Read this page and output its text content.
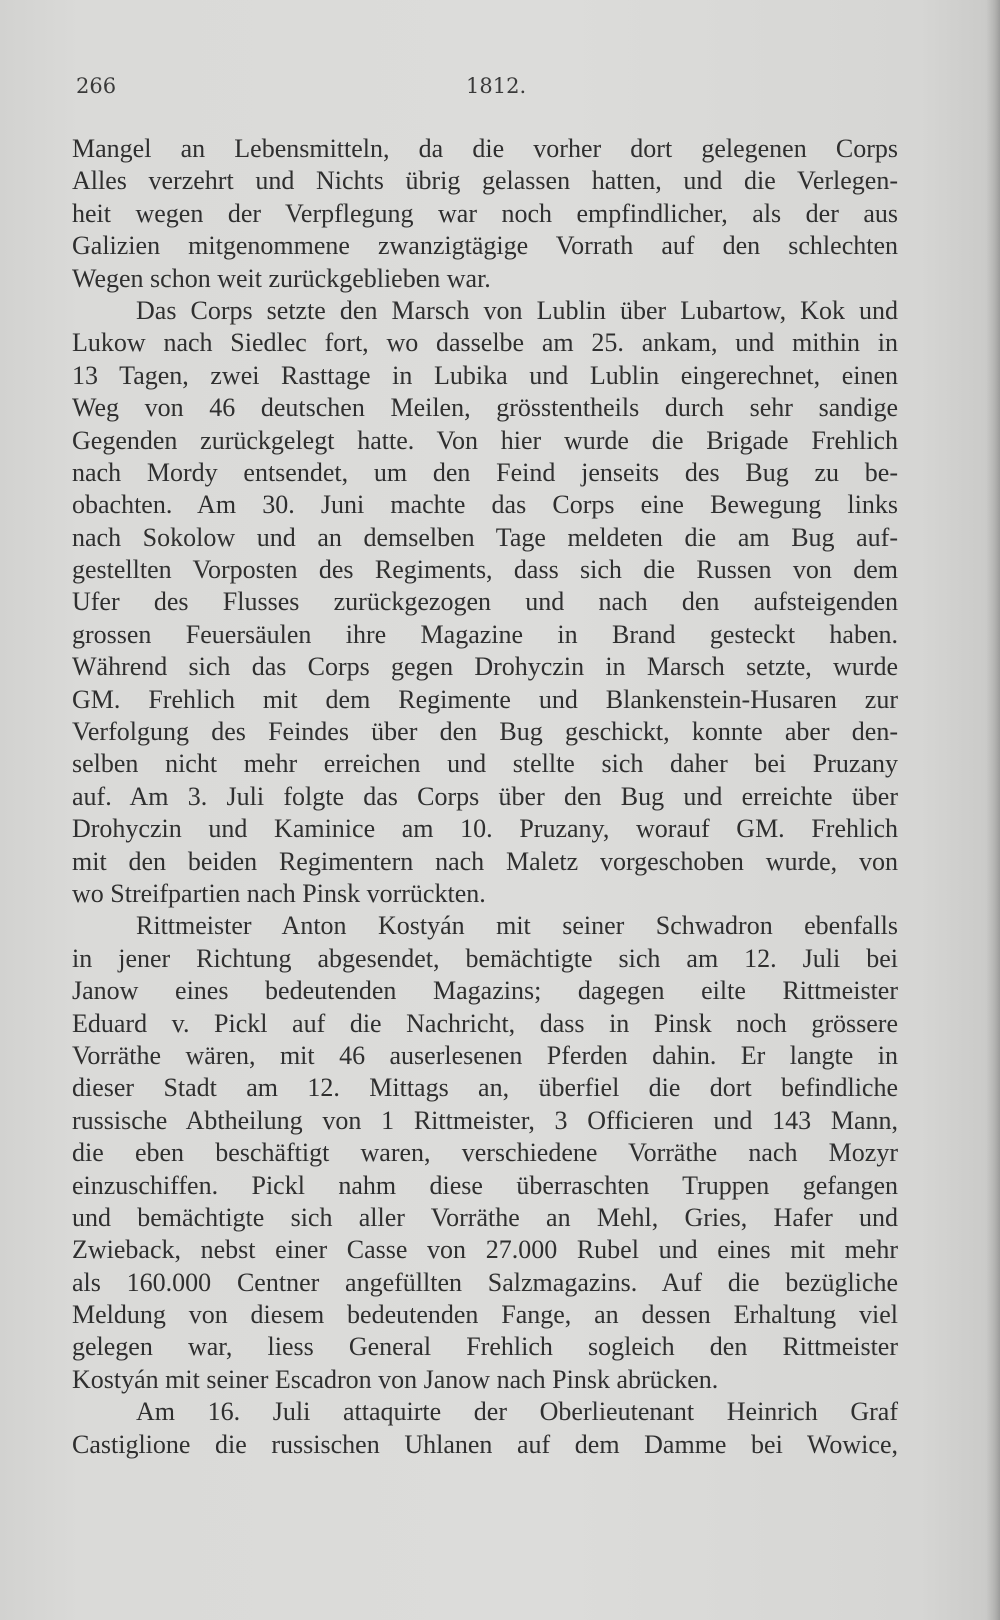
266	1812.
Mangel an Lebensmitteln, da die vorher dort gelegenen Corps
Alles verzehrt und Nichts übrig gelassen hatten, und die Verlegen-
heit wegen der Verpflegung war noch empfindlicher, als der aus
Galizien mitgenommene zwanzigtägige Vorrath auf den schlechten
Wegen schon weit zurückgeblieben war.
Das Corps setzte den Marsch von Lublin über Lubartow, Kok und
Lukow nach Siedlec fort, wo dasselbe am 25. ankam, und mithin in
13 Tagen, zwei Rasttage in Lubika und Lublin eingerechnet, einen
Weg von 46 deutschen Meilen, grösstentheils durch sehr sandige
Gegenden zurückgelegt hatte. Von hier wurde die Brigade Frehlich
nach Mordy entsendet, um den Feind jenseits des Bug zu be-
obachten. Am 30. Juni machte das Corps eine Bewegung links
nach Sokolow und an demselben Tage meldeten die am Bug auf-
gestellten Vorposten des Regiments, dass sich die Russen von dem
Ufer des Flusses zurückgezogen und nach den aufsteigenden
grossen Feuersäulen ihre Magazine in Brand gesteckt haben.
Während sich das Corps gegen Drohyczin in Marsch setzte, wurde
GM. Frehlich mit dem Regimente und Blankenstein-Husaren zur
Verfolgung des Feindes über den Bug geschickt, konnte aber den-
selben nicht mehr erreichen und stellte sich daher bei Pruzany
auf. Am 3. Juli folgte das Corps über den Bug und erreichte über
Drohyczin und Kaminice am 10. Pruzany, worauf GM. Frehlich
mit den beiden Regimentern nach Maletz vorgeschoben wurde, von
wo Streifpartien nach Pinsk vorrückten.
Rittmeister Anton Kostyán mit seiner Schwadron ebenfalls
in jener Richtung abgesendet, bemächtigte sich am 12. Juli bei
Janow eines bedeutenden Magazins; dagegen eilte Rittmeister
Eduard v. Pickl auf die Nachricht, dass in Pinsk noch grössere
Vorräthe wären, mit 46 auserlesenen Pferden dahin. Er langte in
dieser Stadt am 12. Mittags an, überfiel die dort befindliche
russische Abtheilung von 1 Rittmeister, 3 Officieren und 143 Mann,
die eben beschäftigt waren, verschiedene Vorräthe nach Mozyr
einzuschiffen. Pickl nahm diese überraschten Truppen gefangen
und bemächtigte sich aller Vorräthe an Mehl, Gries, Hafer und
Zwieback, nebst einer Casse von 27.000 Rubel und eines mit mehr
als 160.000 Centner angefüllten Salzmagazins. Auf die bezügliche
Meldung von diesem bedeutenden Fange, an dessen Erhaltung viel
gelegen war, liess General Frehlich sogleich den Rittmeister
Kostyán mit seiner Escadron von Janow nach Pinsk abrücken.
Am 16. Juli attaquirte der Oberlieutenant Heinrich Graf
Castiglione die russischen Uhlanen auf dem Damme bei Wowice,
